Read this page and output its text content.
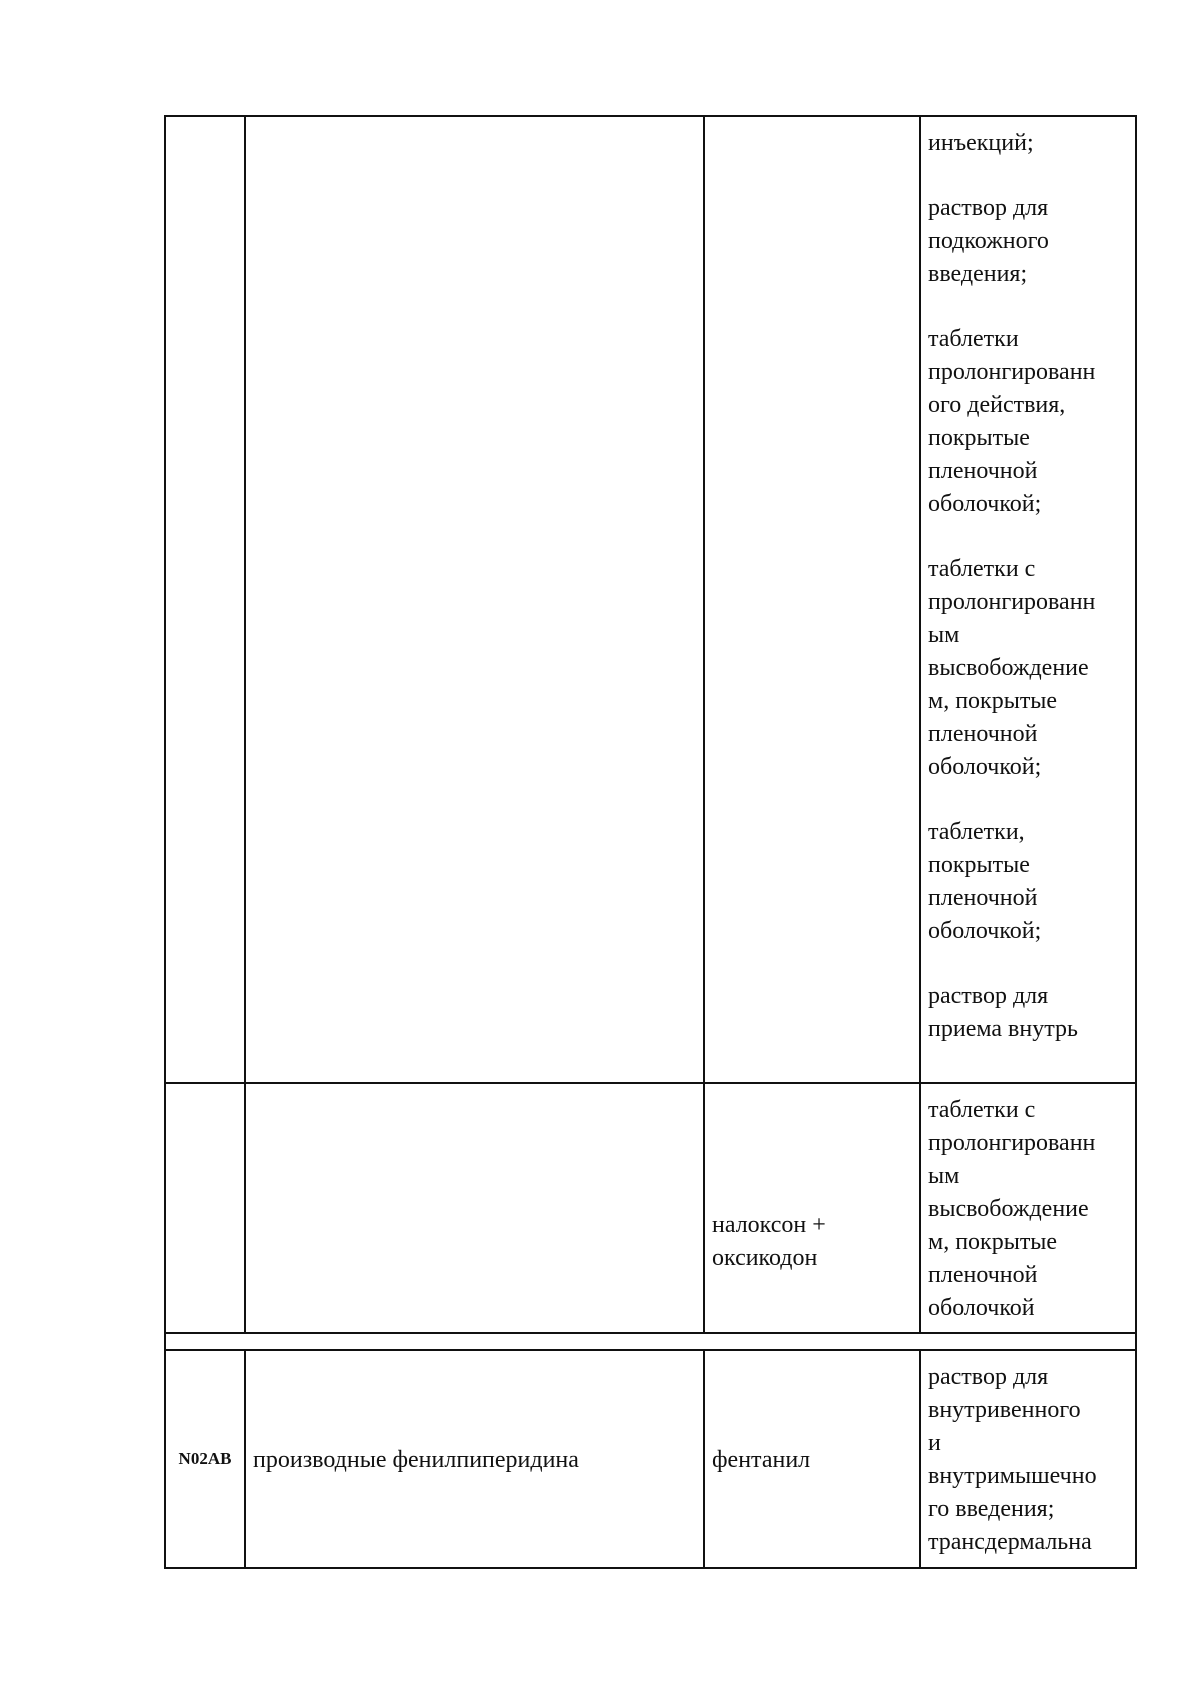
инъекций;

раствор для
подкожного
введения;

таблетки
пролонгированн
ого действия,
покрытые
пленочной
оболочкой;

таблетки с
пролонгированн
ым
высвобождение
м, покрытые
пленочной
оболочкой;

таблетки,
покрытые
пленочной
оболочкой;

раствор для
приема внутрь

налоксон +
оксикодон

таблетки с
пролонгированн
ым
высвобождение
м, покрытые
пленочной
оболочкой

N02AB производные фенилпиперидина	фентанил

раствор для
внутривенного
и
внутримышечно
го введения;
трансдермальна
